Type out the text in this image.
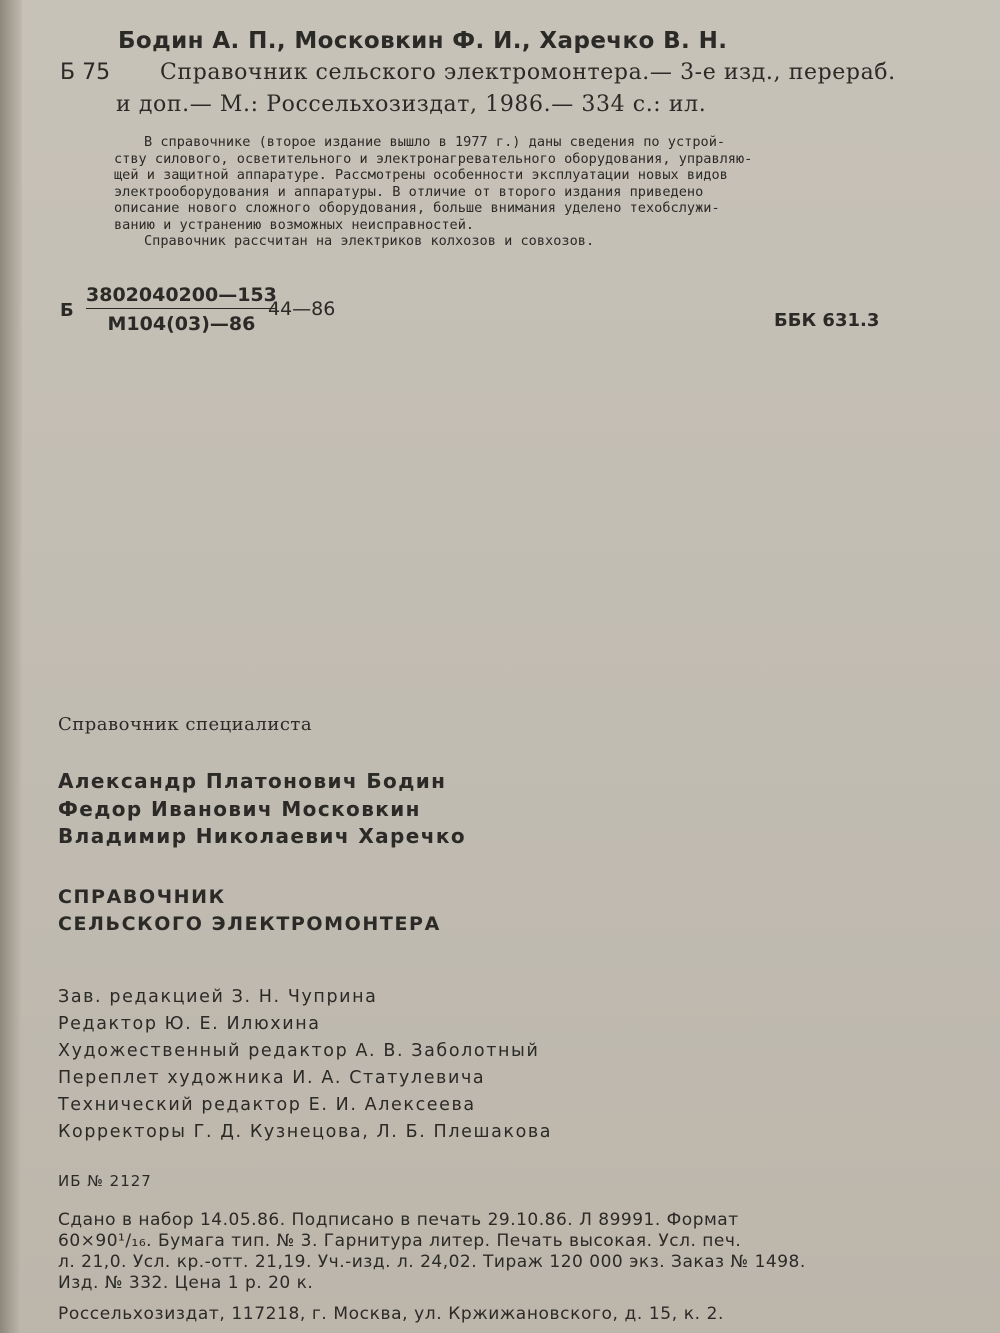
Бодин А. П., Московкин Ф. И., Харечко В. Н.
Б 75 Справочник сельского электромонтера.— 3-е изд., перераб.
и доп.— М.: Россельхозиздат, 1986.— 334 с.: ил.
В справочнике (второе издание вышло в 1977 г.) даны сведения по устрой-
ству силового, осветительного и электронагревательного оборудования, управляю-
щей и защитной аппаратуре. Рассмотрены особенности эксплуатации новых видов
электрооборудования и аппаратуры. В отличие от второго издания приведено
описание нового сложного оборудования, больше внимания уделено техобслужи-
ванию и устранению возможных неисправностей.
Справочник рассчитан на электриков колхозов и совхозов.
Б
3802040200—153
М104(03)—86
44—86
ББК 631.3
Справочник специалиста
Александр Платонович Бодин
Федор Иванович Московкин
Владимир Николаевич Харечко
СПРАВОЧНИК
СЕЛЬСКОГО ЭЛЕКТРОМОНТЕРА
Зав. редакцией З. Н. Чуприна
Редактор Ю. Е. Илюхина
Художественный редактор А. В. Заболотный
Переплет художника И. А. Статулевича
Технический редактор Е. И. Алексеева
Корректоры Г. Д. Кузнецова, Л. Б. Плешакова
ИБ № 2127
Сдано в набор 14.05.86. Подписано в печать 29.10.86. Л 89991. Формат
60×90¹/₁₆. Бумага тип. № 3. Гарнитура литер. Печать высокая. Усл. печ.
л. 21,0. Усл. кр.-отт. 21,19. Уч.-изд. л. 24,02. Тираж 120 000 экз. Заказ № 1498.
Изд. № 332. Цена 1 р. 20 к.
Россельхозиздат, 117218, г. Москва, ул. Кржижановского, д. 15, к. 2.
